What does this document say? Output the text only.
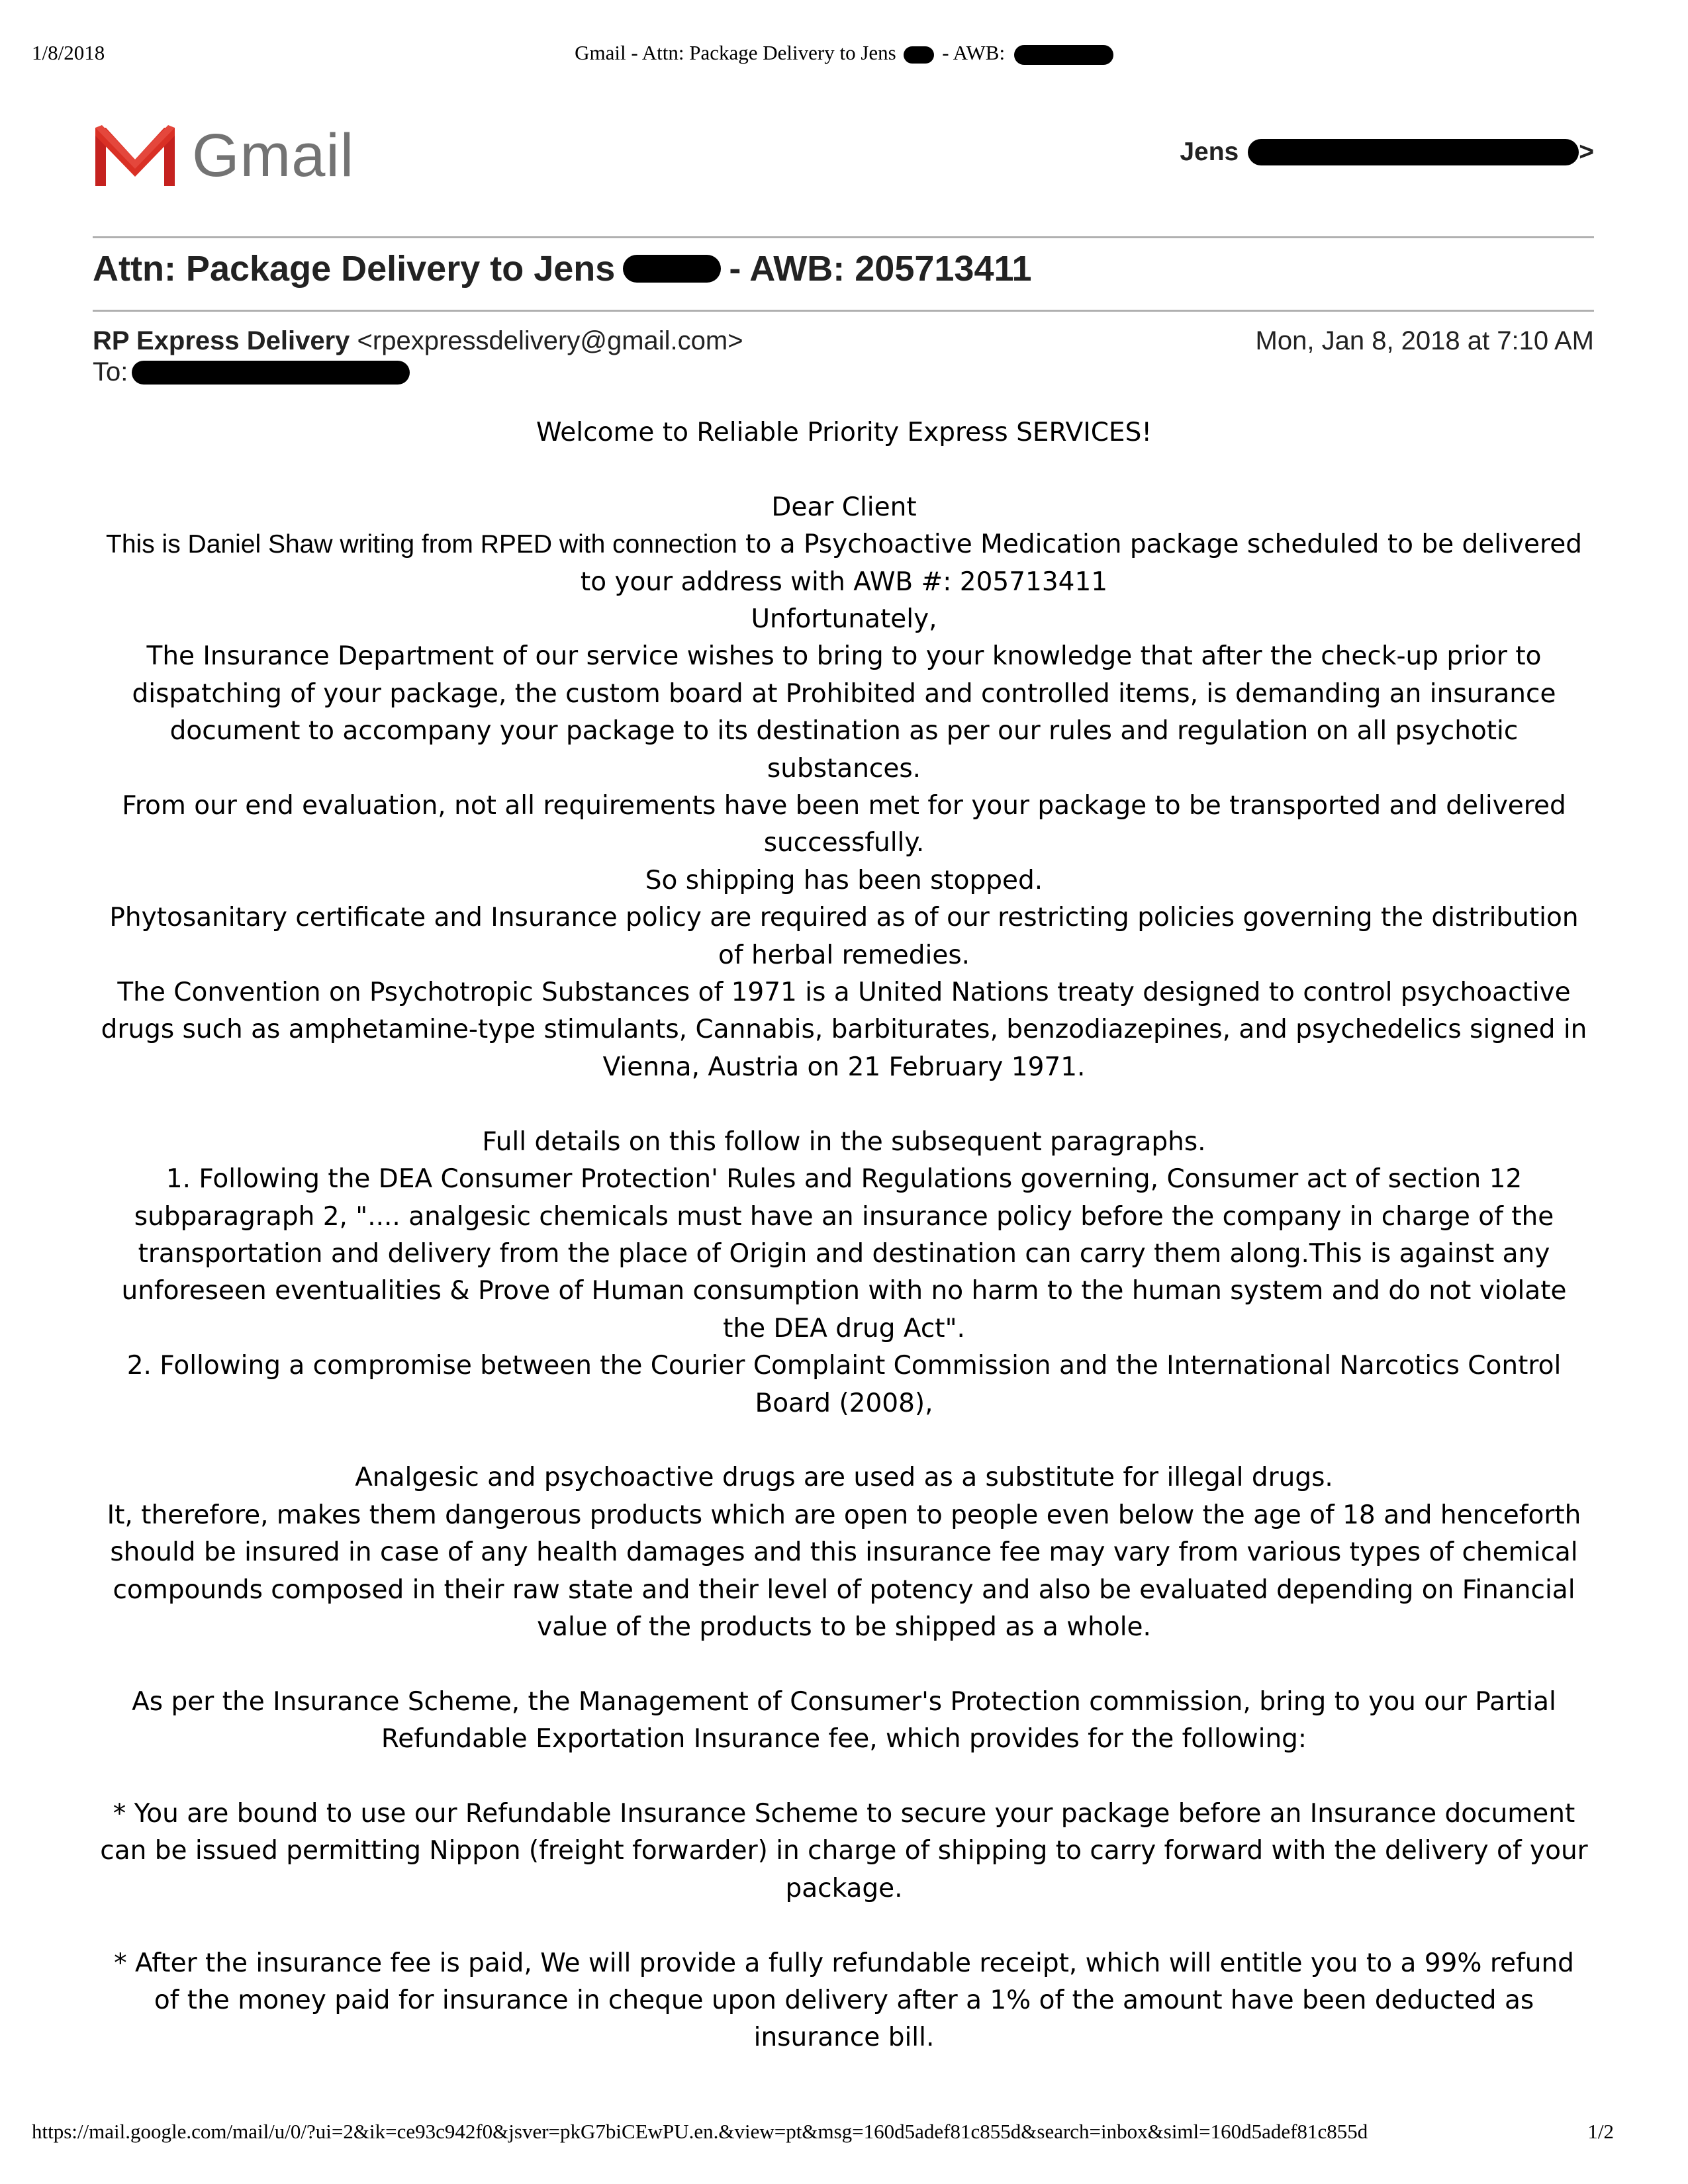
1/8/2018	Gmail - Attn: Package Delivery to Jens - AWB:
Gmail	Jens	>
Attn: Package Delivery to Jens	- AWB: 205713411
RP Express Delivery <rpexpressdelivery@gmail.com>	Mon, Jan 8, 2018 at 7:10 AM
To:

Welcome to Reliable Priority Express SERVICES!

Dear Client

This is Daniel Shaw writing from RPED with connection to a Psychoactive Medication package scheduled to be delivered to your address with AWB #: 205713411

Unfortunately,

The Insurance Department of our service wishes to bring to your knowledge that after the check-up prior to dispatching of your package, the custom board at Prohibited and controlled items, is demanding an insurance document to accompany your package to its destination as per our rules and regulation on all psychotic substances.

From our end evaluation, not all requirements have been met for your package to be transported and delivered successfully.

So shipping has been stopped.

Phytosanitary certificate and Insurance policy are required as of our restricting policies governing the distribution of herbal remedies.

The Convention on Psychotropic Substances of 1971 is a United Nations treaty designed to control psychoactive drugs such as amphetamine-type stimulants, Cannabis, barbiturates, benzodiazepines, and psychedelics signed in Vienna, Austria on 21 February 1971.

Full details on this follow in the subsequent paragraphs.

1. Following the DEA Consumer Protection' Rules and Regulations governing, Consumer act of section 12 subparagraph 2, ".... analgesic chemicals must have an insurance policy before the company in charge of the transportation and delivery from the place of Origin and destination can carry them along.This is against any unforeseen eventualities & Prove of Human consumption with no harm to the human system and do not violate the DEA drug Act".

2. Following a compromise between the Courier Complaint Commission and the International Narcotics Control Board (2008),

Analgesic and psychoactive drugs are used as a substitute for illegal drugs.

It, therefore, makes them dangerous products which are open to people even below the age of 18 and henceforth should be insured in case of any health damages and this insurance fee may vary from various types of chemical compounds composed in their raw state and their level of potency and also be evaluated depending on Financial value of the products to be shipped as a whole.

As per the Insurance Scheme, the Management of Consumer's Protection commission, bring to you our Partial Refundable Exportation Insurance fee, which provides for the following:

* You are bound to use our Refundable Insurance Scheme to secure your package before an Insurance document can be issued permitting Nippon (freight forwarder) in charge of shipping to carry forward with the delivery of your package.

* After the insurance fee is paid, We will provide a fully refundable receipt, which will entitle you to a 99% refund of the money paid for insurance in cheque upon delivery after a 1% of the amount have been deducted as insurance bill.

https://mail.google.com/mail/u/0/?ui=2&ik=ce93c942f0&jsver=pkG7biCEwPU.en.&view=pt&msg=160d5adef81c855d&search=inbox&siml=160d5adef81c855d	1/2
